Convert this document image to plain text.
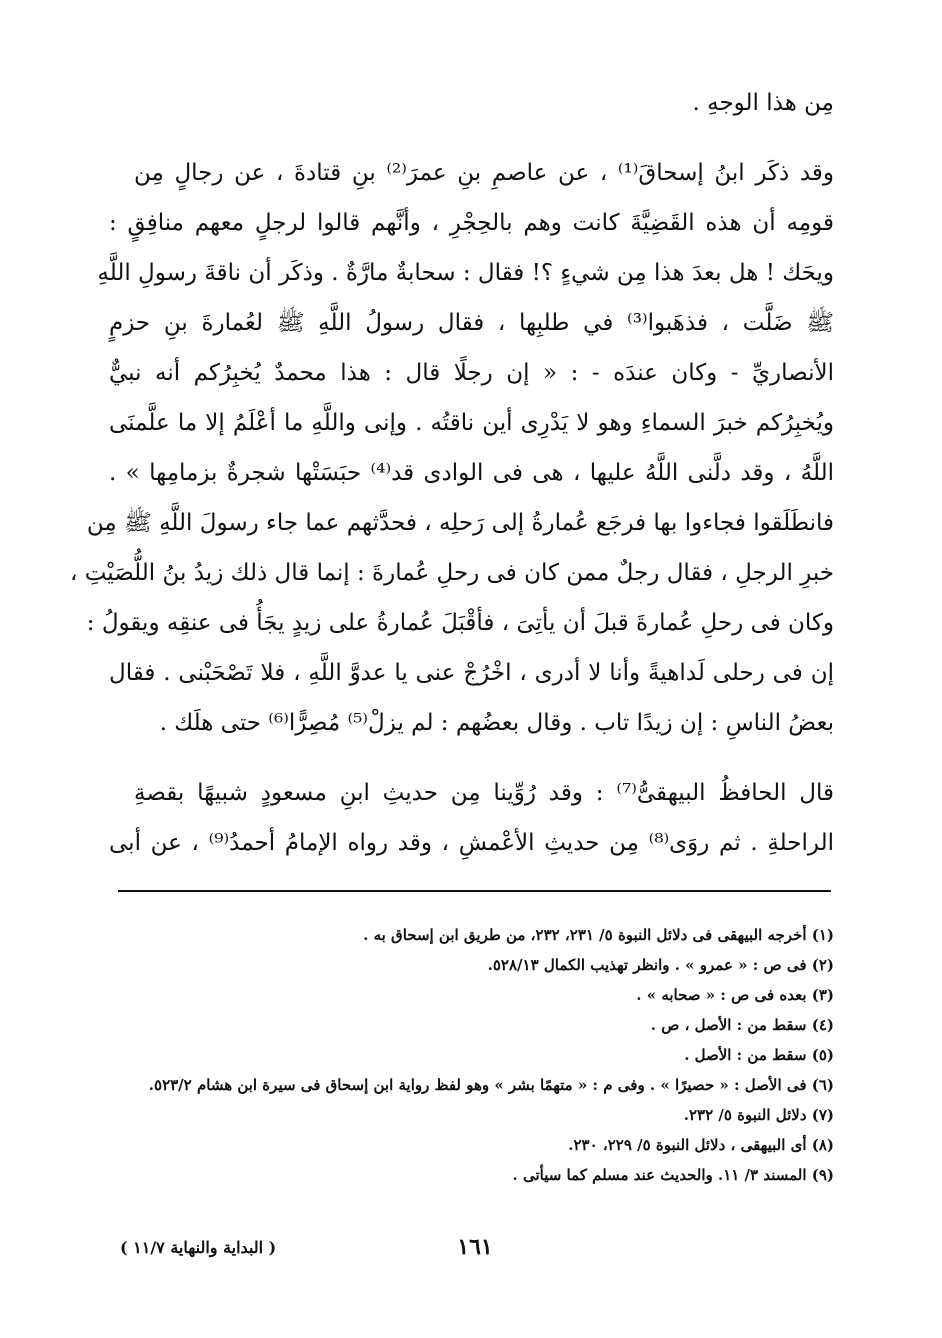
مِن هذا الوجهِ .
وقد ذكَر ابنُ إسحاقَ⁽¹⁾ ، عن عاصمِ بنِ عمرَ⁽²⁾ بنِ قتادةَ ، عن رجالٍ مِن
قومِه أن هذه القَضِيَّةَ كانت وهم بالحِجْرِ ، وأنَّهم قالوا لرجلٍ معهم منافِقٍ :
ويحَك ! هل بعدَ هذا مِن شيءٍ ؟! فقال : سحابةٌ مارَّةٌ . وذكَر أن ناقةَ رسولِ اللَّهِ
ﷺ ضَلَّت ، فذهَبوا⁽³⁾ في طلبِها ، فقال رسولُ اللَّهِ ﷺ لعُمارةَ بنِ حزمٍ
الأنصاريِّ - وكان عندَه - : « إن رجلًا قال : هذا محمدٌ يُخبِرُكم أنه نبيٌّ
ويُخبِرُكم خبرَ السماءِ وهو لا يَدْرِى أين ناقتُه . وإنى واللَّهِ ما أعْلَمُ إلا ما علَّمنَى
اللَّهُ ، وقد دلَّنى اللَّهُ عليها ، هى فى الوادى قد⁽⁴⁾ حبَسَتْها شجرةٌ بزمامِها » .
فانطَلَقوا فجاءوا بها فرجَع عُمارةُ إلى رَحلِه ، فحدَّثهم عما جاء رسولَ اللَّهِ ﷺ مِن
خبرِ الرجلِ ، فقال رجلٌ ممن كان فى رحلِ عُمارةَ : إنما قال ذلك زيدُ بنُ اللُّصَيْتِ ،
وكان فى رحلِ عُمارةَ قبلَ أن يأتِىَ ، فأقْبَلَ عُمارةُ على زيدٍ يجَأُ فى عنقِه ويقولُ :
إن فى رحلى لَداهيةً وأنا لا أدرى ، اخْرُجْ عنى يا عدوَّ اللَّهِ ، فلا تَصْحَبْنى . فقال
بعضُ الناسِ : إن زيدًا تاب . وقال بعضُهم : لم يزلْ⁽⁵⁾ مُصِرًّا⁽⁶⁾ حتى هلَك .
قال الحافظُ البيهقىُّ⁽⁷⁾ : وقد رُوِّينا مِن حديثِ ابنِ مسعودٍ شبيهًا بقصةِ
الراحلةِ . ثم روَى⁽⁸⁾ مِن حديثِ الأعْمشِ ، وقد رواه الإمامُ أحمدُ⁽⁹⁾ ، عن أبى
(١) أخرجه البيهقى فى دلائل النبوة ٥/ ٢٣١، ٢٣٢، من طريق ابن إسحاق به .
(٢) فى ص : « عمرو » . وانظر تهذيب الكمال ٥٢٨/١٣.
(٣) بعده فى ص : « صحابه » .
(٤) سقط من : الأصل ، ص .
(٥) سقط من : الأصل .
(٦) فى الأصل : « حصيرًا » . وفى م : « متهمًا بشر » وهو لفظ رواية ابن إسحاق فى سيرة ابن هشام ٥٢٣/٢.
(٧) دلائل النبوة ٥/ ٢٣٢.
(٨) أى البيهقى ، دلائل النبوة ٥/ ٢٢٩، ٢٣٠.
(٩) المسند ٣/ ١١. والحديث عند مسلم كما سيأتى .
١٦١
( البداية والنهاية ١١/٧ )
